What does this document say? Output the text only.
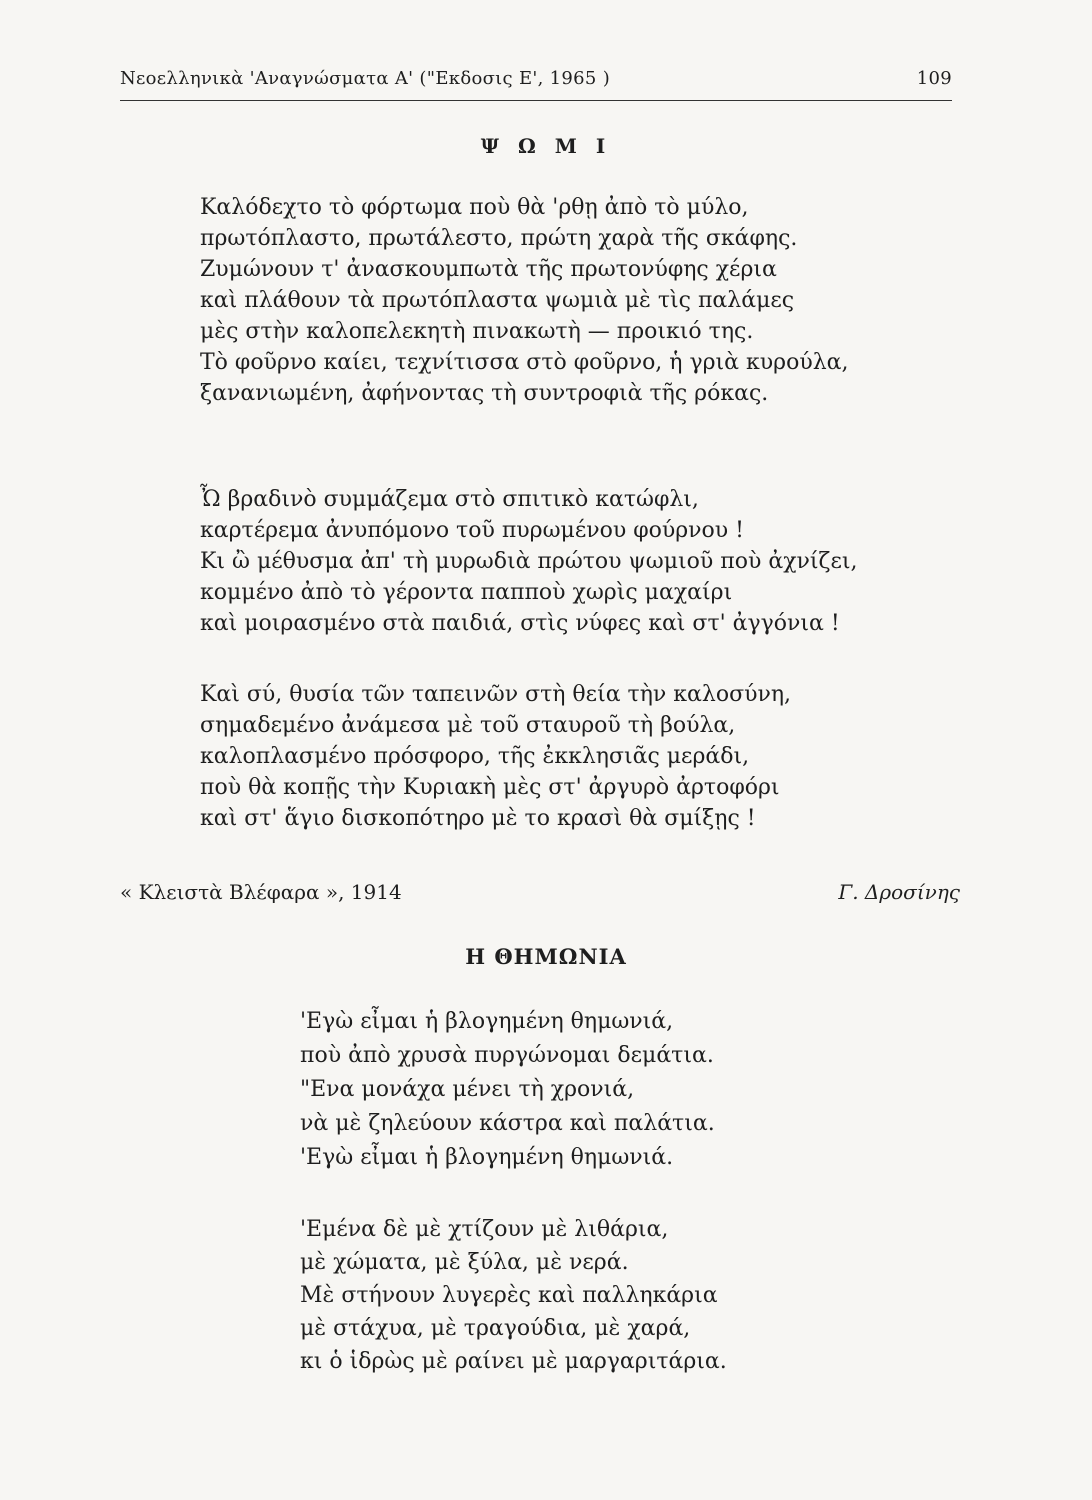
Νεοελληνικὰ 'Αναγνώσματα Α' ("Εκδοσις Ε', 1965 )	109
Ψ Ω Μ Ι
Καλόδεχτο τὸ φόρτωμα ποὺ θὰ 'ρθῃ ἀπὸ τὸ μύλο,
πρωτόπλαστο, πρωτάλεστο, πρώτη χαρὰ τῆς σκάφης.
Ζυμώνουν τ' ἀνασκουμπωτὰ τῆς πρωτονύφης χέρια
καὶ πλάθουν τὰ πρωτόπλαστα ψωμιὰ μὲ τὶς παλάμες
μὲς στὴν καλοπελεκητὴ πινακωτὴ — προικιό της.
Τὸ φοῦρνο καίει, τεχνίτισσα στὸ φοῦρνο, ἡ γριὰ κυρούλα,
ξανανιωμένη, ἀφήνοντας τὴ συντροφιὰ τῆς ρόκας.
Ὦ βραδινὸ συμμάζεμα στὸ σπιτικὸ κατώφλι,
καρτέρεμα ἀνυπόμονο τοῦ πυρωμένου φούρνου !
Κι ὢ μέθυσμα ἀπ' τὴ μυρωδιὰ πρώτου ψωμιοῦ ποὺ ἀχνίζει,
κομμένο ἀπὸ τὸ γέροντα παπποὺ χωρὶς μαχαίρι
καὶ μοιρασμένο στὰ παιδιά, στὶς νύφες καὶ στ' ἀγγόνια !
Καὶ σύ, θυσία τῶν ταπεινῶν στὴ θεία τὴν καλοσύνη,
σημαδεμένο ἀνάμεσα μὲ τοῦ σταυροῦ τὴ βούλα,
καλοπλασμένο πρόσφορο, τῆς ἐκκλησιᾶς μεράδι,
ποὺ θὰ κοπῇς τὴν Κυριακὴ μὲς στ' ἀργυρὸ ἀρτοφόρι
καὶ στ' ἅγιο δισκοπότηρο μὲ το κρασὶ θὰ σμίξῃς !
« Κλειστὰ Βλέφαρα », 1914	Γ. Δροσίνης
Η ΘΗΜΩΝΙΑ
'Εγὼ εἶμαι ἡ βλογημένη θημωνιά,
ποὺ ἀπὸ χρυσὰ πυργώνομαι δεμάτια.
"Ενα μονάχα μένει τὴ χρονιά,
νὰ μὲ ζηλεύουν κάστρα καὶ παλάτια.
'Εγὼ εἶμαι ἡ βλογημένη θημωνιά.
'Εμένα δὲ μὲ χτίζουν μὲ λιθάρια,
μὲ χώματα, μὲ ξύλα, μὲ νερά.
Μὲ στήνουν λυγερὲς καὶ παλληκάρια
μὲ στάχυα, μὲ τραγούδια, μὲ χαρά,
κι ὁ ἱδρὼς μὲ ραίνει μὲ μαργαριτάρια.
